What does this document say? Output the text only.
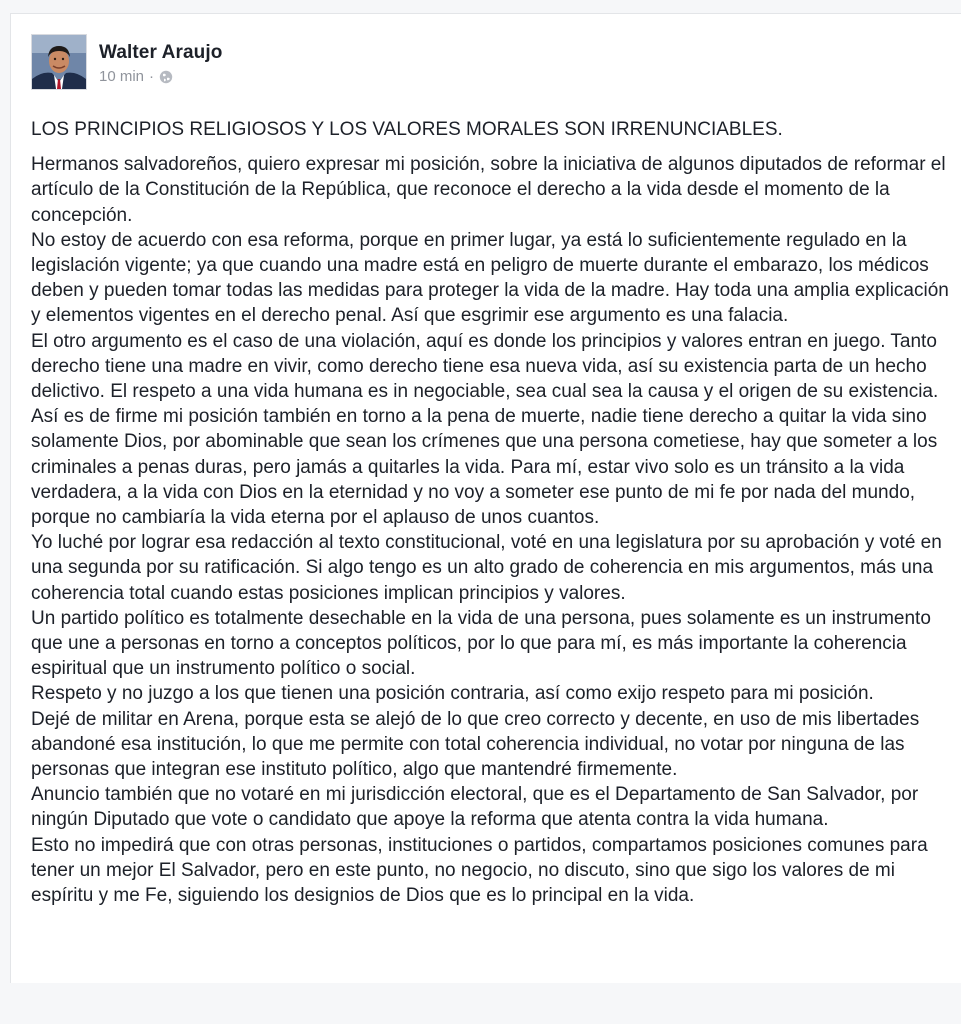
Walter Araujo
10 min ·

LOS PRINCIPIOS RELIGIOSOS Y LOS VALORES MORALES SON IRRENUNCIABLES.

Hermanos salvadoreños, quiero expresar mi posición, sobre la iniciativa de algunos diputados de reformar el artículo de la Constitución de la República, que reconoce el derecho a la vida desde el momento de la concepción.

No estoy de acuerdo con esa reforma, porque en primer lugar, ya está lo suficientemente regulado en la legislación vigente; ya que cuando una madre está en peligro de muerte durante el embarazo, los médicos deben y pueden tomar todas las medidas para proteger la vida de la madre. Hay toda una amplia explicación y elementos vigentes en el derecho penal. Así que esgrimir ese argumento es una falacia.

El otro argumento es el caso de una violación, aquí es donde los principios y valores entran en juego. Tanto derecho tiene una madre en vivir, como derecho tiene esa nueva vida, así su existencia parta de un hecho delictivo. El respeto a una vida humana es in negociable, sea cual sea la causa y el origen de su existencia. Así es de firme mi posición también en torno a la pena de muerte, nadie tiene derecho a quitar la vida sino solamente Dios, por abominable que sean los crímenes que una persona cometiese, hay que someter a los criminales a penas duras, pero jamás a quitarles la vida. Para mí, estar vivo solo es un tránsito a la vida verdadera, a la vida con Dios en la eternidad y no voy a someter ese punto de mi fe por nada del mundo, porque no cambiaría la vida eterna por el aplauso de unos cuantos.

Yo luché por lograr esa redacción al texto constitucional, voté en una legislatura por su aprobación y voté en una segunda por su ratificación. Si algo tengo es un alto grado de coherencia en mis argumentos, más una coherencia total cuando estas posiciones implican principios y valores.

Un partido político es totalmente desechable en la vida de una persona, pues solamente es un instrumento que une a personas en torno a conceptos políticos, por lo que para mí, es más importante la coherencia espiritual que un instrumento político o social.

Respeto y no juzgo a los que tienen una posición contraria, así como exijo respeto para mi posición.

Dejé de militar en Arena, porque esta se alejó de lo que creo correcto y decente, en uso de mis libertades abandoné esa institución, lo que me permite con total coherencia individual, no votar por ninguna de las personas que integran ese instituto político, algo que mantendré firmemente.

Anuncio también que no votaré en mi jurisdicción electoral, que es el Departamento de San Salvador, por ningún Diputado que vote o candidato que apoye la reforma que atenta contra la vida humana.

Esto no impedirá que con otras personas, instituciones o partidos, compartamos posiciones comunes para tener un mejor El Salvador, pero en este punto, no negocio, no discuto, sino que sigo los valores de mi espíritu y me Fe, siguiendo los designios de Dios que es lo principal en la vida.
